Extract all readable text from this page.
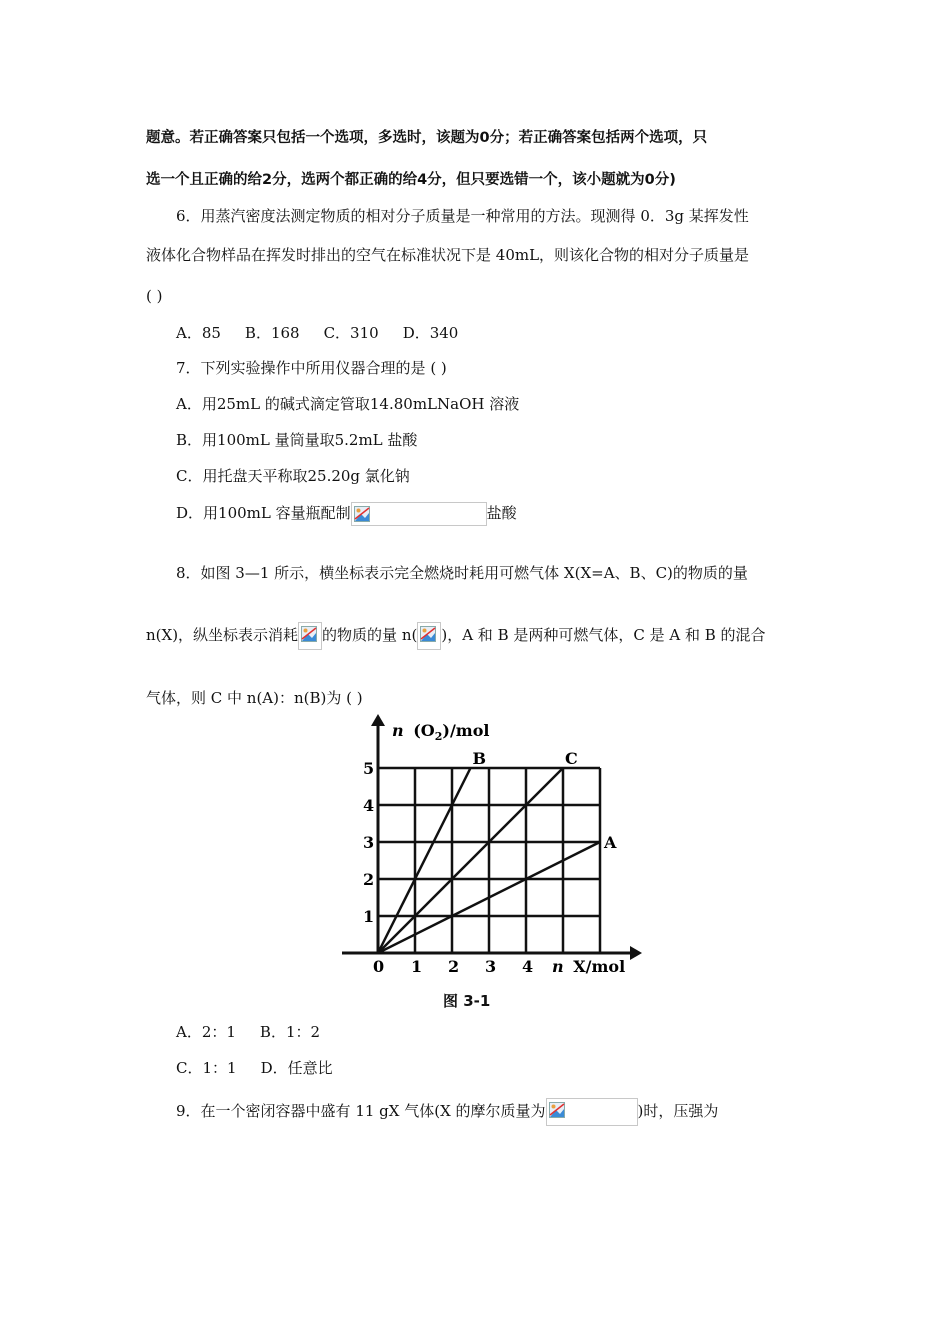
题意。若正确答案只包括一个选项，多选时，该题为0分；若正确答案包括两个选项，只
选一个且正确的给2分，选两个都正确的给4分，但只要选错一个，该小题就为0分)
6．用蒸汽密度法测定物质的相对分子质量是一种常用的方法。现测得 0．3g 某挥发性
液体化合物样品在挥发时排出的空气在标准状况下是 40mL，则该化合物的相对分子质量是
( )
A．85 B．168 C．310 D．340
7．下列实验操作中所用仪器合理的是 ( )
A．用25mL 的碱式滴定管取14.80mLNaOH 溶液
B．用100mL 量筒量取5.2mL 盐酸
C．用托盘天平称取25.20g 氯化钠
D．用100mL 容量瓶配制	盐酸
8．如图 3—1 所示，横坐标表示完全燃烧时耗用可燃气体 X(X=A、B、C)的物质的量
n(X)，纵坐标表示消耗 的物质的量 n( )，A 和 B 是两种可燃气体，C 是 A 和 B 的混合
气体，则 C 中 n(A)：n(B)为 ( )
1 2 3 4
1
2
3
4
5
A
B	C
n $(O_2)$/mol
n X/mol
0
图 3-1
A．2：1 B．1：2
C．1：1 D．任意比
9．在一个密闭容器中盛有 11 gX 气体(X 的摩尔质量为	)时，压强为
